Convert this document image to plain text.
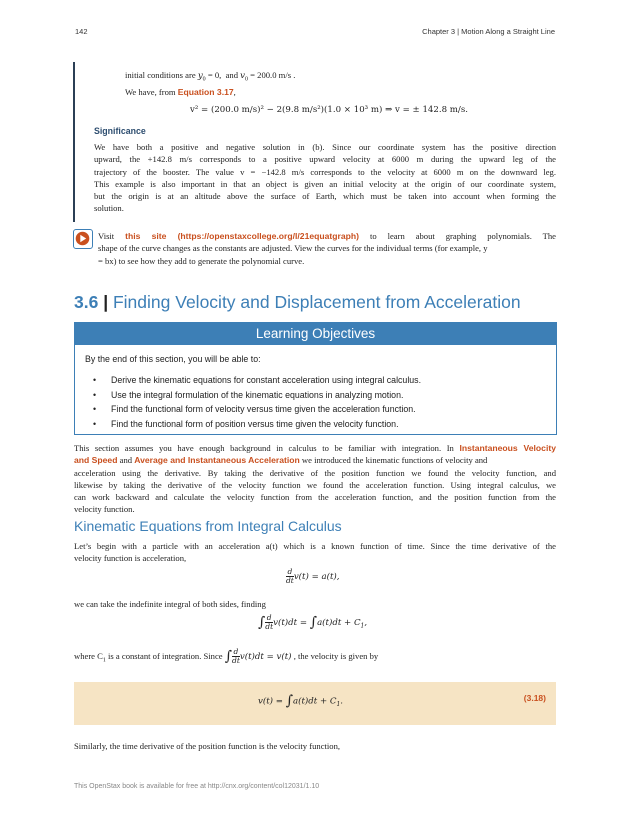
142	Chapter 3 | Motion Along a Straight Line
initial conditions are $y_0 = 0$, and $v_0 = 200.0$ m/s .
We have, from Equation 3.17,
v² = (200.0 m/s)² − 2(9.8 m/s²)(1.0 × 10³ m) ⇒ v = ± 142.8 m/s.
Significance
We have both a positive and negative solution in (b). Since our coordinate system has the positive direction
upward, the +142.8 m/s corresponds to a positive upward velocity at 6000 m during the upward leg of the
trajectory of the booster. The value v = −142.8 m/s corresponds to the velocity at 6000 m on the downward leg.
This example is also important in that an object is given an initial velocity at the origin of our coordinate system,
but the origin is at an altitude above the surface of Earth, which must be taken into account when forming the
solution.
Visit this site (https://openstaxcollege.org/l/21equatgraph) to learn about graphing polynomials. The
shape of the curve changes as the constants are adjusted. View the curves for the individual terms (for example, y
= bx) to see how they add to generate the polynomial curve.
3.6 | Finding Velocity and Displacement from Acceleration
Learning Objectives
By the end of this section, you will be able to:
• Derive the kinematic equations for constant acceleration using integral calculus.
• Use the integral formulation of the kinematic equations in analyzing motion.
• Find the functional form of velocity versus time given the acceleration function.
• Find the functional form of position versus time given the velocity function.
This section assumes you have enough background in calculus to be familiar with integration. In Instantaneous Velocity
and Speed and Average and Instantaneous Acceleration we introduced the kinematic functions of velocity and
acceleration using the derivative. By taking the derivative of the position function we found the velocity function, and
likewise by taking the derivative of the velocity function we found the acceleration function. Using integral calculus, we
can work backward and calculate the velocity function from the acceleration function, and the position function from the
velocity function.
Kinematic Equations from Integral Calculus
Let’s begin with a particle with an acceleration a(t) which is a known function of time. Since the time derivative of the
velocity function is acceleration,
$\frac{d}{dt} v(t) = a(t)$,
we can take the indefinite integral of both sides, finding
∫ $\frac{d}{dt} v(t)dt = \int a(t)dt + C_1$,
where $C_1$ is a constant of integration. Since ∫ $\frac{d}{dt} v(t)dt = v(t)$ , the velocity is given by
$v(t) = \int a(t)dt + C_1$.	(3.18)
Similarly, the time derivative of the position function is the velocity function,
This OpenStax book is available for free at http://cnx.org/content/col12031/1.10
